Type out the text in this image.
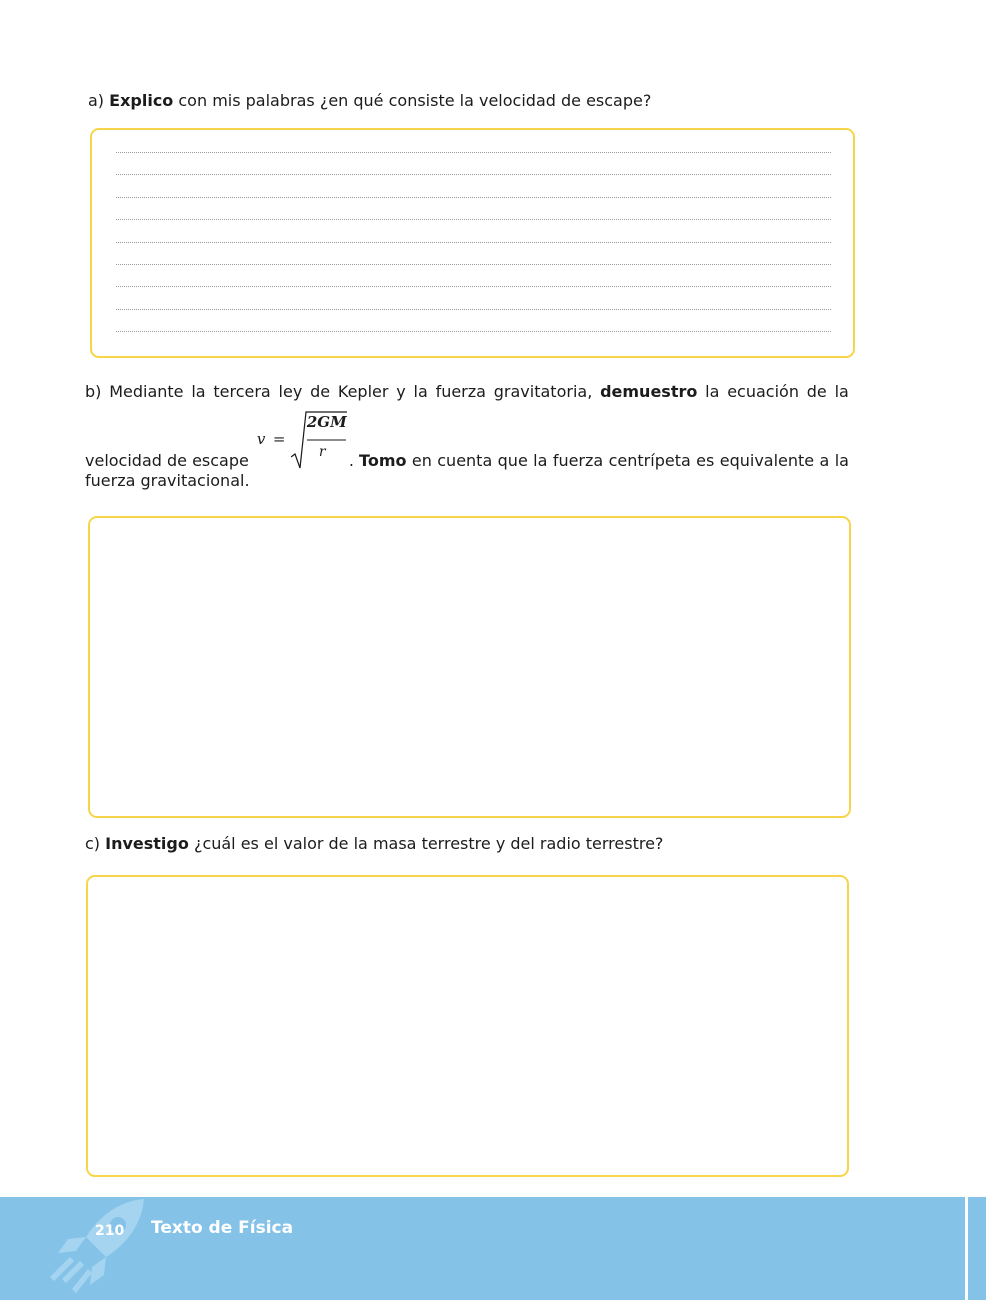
a) Explico con mis palabras ¿en qué consiste la velocidad de escape?
b) Mediante la tercera ley de Kepler y la fuerza gravitatoria, demuestro la ecuación de la
velocidad de escape
v =
2GM
r . Tomo en cuenta que la fuerza centrípeta es equivalente a la
fuerza gravitacional.
c) Investigo ¿cuál es el valor de la masa terrestre y del radio terrestre?
210 Texto de Física
